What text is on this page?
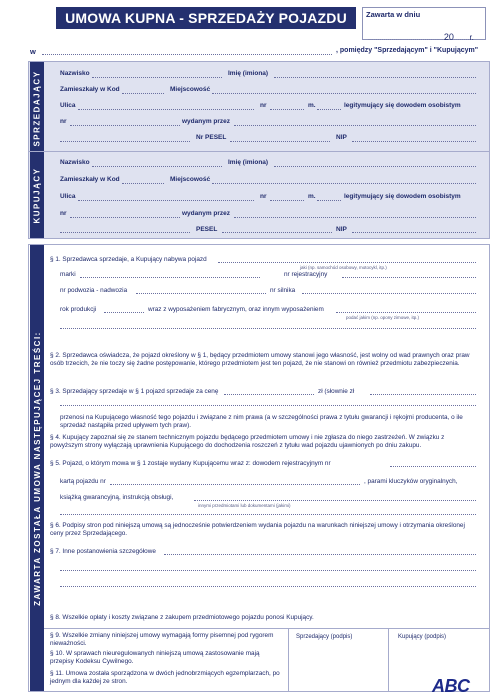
UMOWA KUPNA - SPRZEDAŻY POJAZDU	Zawarta w dniu
.......................................20........r.
w	, pomiędzy "Sprzedającym" i "Kupującym"
SPRZEDAJĄCY	Nazwisko	Imię (imiona)
Zamieszkały w Kod	Miejscowość
Ulica	nr	m.	legitymujący się dowodem osobistym
nr	wydanym przez
Nr PESEL	NIP
KUPUJĄCY
Nazwisko	Imię (imiona)
Zamieszkały w Kod	Miejscowość
Ulica	nr	m.	legitymujący się dowodem osobistym
nr	wydanym przez
PESEL	NIP
ZAWARTA ZOSTAŁA UMOWA NASTĘPUJĄCEJ TREŚCI:
§ 1. Sprzedawca sprzedaje, a Kupujący nabywa pojazd
jaki (np. samochód osobowy, motocykl, itp.)
marki	nr rejestracyjny
nr podwozia - nadwozia	nr silnika
rok produkcji	wraz z wyposażeniem fabrycznym, oraz innym wyposażeniem
podać jakim (np. opony zimowe, itp.)
§ 2. Sprzedawca oświadcza, że pojazd określony w § 1, będący przedmiotem umowy stanowi jego własność, jest wolny od wad prawnych oraz praw osób trzecich, że nie toczy się żadne postępowanie, którego przedmiotem jest ten pojazd, że nie stanowi on również przedmiotu zabezpieczenia.
§ 3. Sprzedający sprzedaje w § 1 pojazd sprzedaje za cenę	zł (słownie zł
przenosi na Kupującego własność tego pojazdu i związane z nim prawa (a w szczególności prawa z tytułu gwarancji i rękojmi producenta, o ile sprzedaż nastąpiła przed upływem tych praw).
§ 4. Kupujący zapoznał się ze stanem technicznym pojazdu będącego przedmiotem umowy i nie zgłasza do niego zastrzeżeń. W związku z powyższym strony wyłączają uprawnienia Kupującego do dochodzenia roszczeń z tytułu wad pojazdu ujawnionych po dniu zakupu.
§ 5. Pojazd, o którym mowa w § 1 zostaje wydany Kupującemu wraz z: dowodem rejestracyjnym nr
kartą pojazdu nr	, parami kluczyków oryginalnych,
książką gwarancyjną, instrukcją obsługi,
innymi przedmiotami lub dokumentami (jakimi)
§ 6. Podpisy stron pod niniejszą umową są jednocześnie potwierdzeniem wydania pojazdu na warunkach niniejszej umowy i otrzymania określonej ceny przez Sprzedającego.
§ 7. Inne postanowienia szczegółowe
§ 8. Wszelkie opłaty i koszty związane z zakupem przedmiotowego pojazdu ponosi Kupujący.
§ 9. Wszelkie zmiany niniejszej umowy wymagają formy pisemnej pod rygorem nieważności.
§ 10. W sprawach nieuregulowanych niniejszą umową zastosowanie mają przepisy Kodeksu Cywilnego.
§ 11. Umowa została sporządzona w dwóch jednobrzmiących egzemplarzach, po jednym dla każdej ze stron.
Sprzedający (podpis)	Kupujący (podpis)
ABC
